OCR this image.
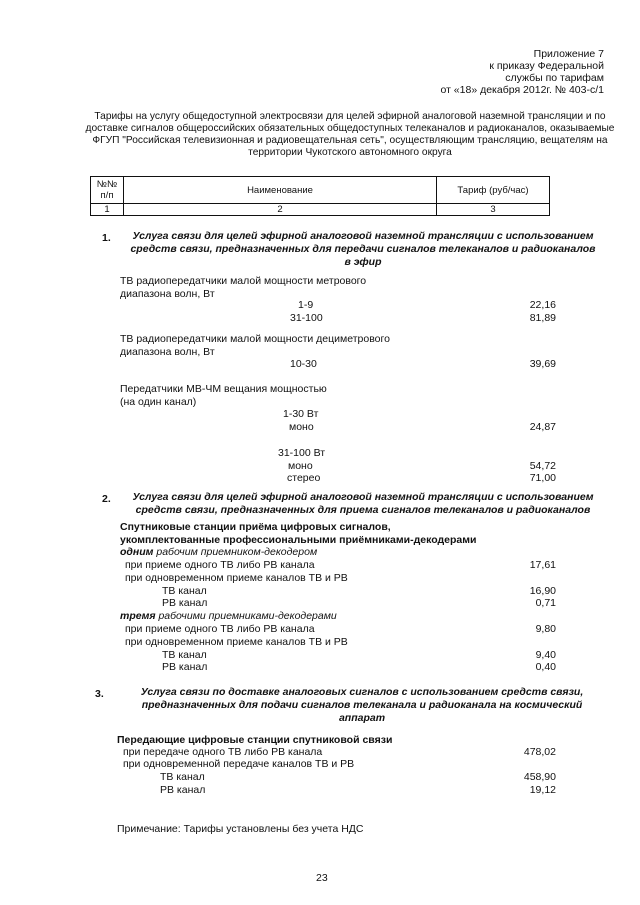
Приложение 7
к приказу Федеральной
службы по тарифам
от «18» декабря 2012г. № 403-с/1
Тарифы на услугу общедоступной электросвязи для целей эфирной аналоговой наземной трансляции и по доставке сигналов общероссийских обязательных общедоступных телеканалов и радиоканалов, оказываемые ФГУП "Российская телевизионная и радиовещательная сеть", осуществляющим трансляцию, вещателям на территории Чукотского автономного округа
№№ п/п	Наименование	Тариф (руб/час)
1	2	3
1.	Услуга связи для целей эфирной аналоговой наземной трансляции с использованием средств связи, предназначенных для передачи сигналов телеканалов и радиоканалов в эфир
ТВ радиопередатчики малой мощности метрового
диапазона волн, Вт
1-9	22,16
31-100	81,89
ТВ радиопередатчики малой мощности дециметрового
диапазона волн, Вт
10-30	39,69
Передатчики МВ-ЧМ вещания мощностью
(на один канал)
1-30 Вт
моно	24,87
31-100 Вт
моно	54,72
стерео	71,00
2.	Услуга связи для целей эфирной аналоговой наземной трансляции с использованием средств связи, предназначенных для приема сигналов телеканалов и радиоканалов
Спутниковые станции приёма цифровых сигналов,
укомплектованные профессиональными приёмниками-декодерами
одним рабочим приемником-декодером
при приеме одного ТВ либо РВ канала	17,61
при одновременном приеме каналов ТВ и РВ
ТВ канал	16,90
РВ канал	0,71
тремя рабочими приемниками-декодерами
при приеме одного ТВ либо РВ канала	9,80
при одновременном приеме каналов ТВ и РВ
ТВ канал	9,40
РВ канал	0,40
3.	Услуга связи по доставке аналоговых сигналов с использованием средств связи, предназначенных для подачи сигналов телеканала и радиоканала на космический аппарат
Передающие цифровые станции спутниковой связи
при передаче одного ТВ либо РВ канала	478,02
при одновременной передаче каналов ТВ и РВ
ТВ канал	458,90
РВ канал	19,12
Примечание: Тарифы установлены без учета НДС
23
